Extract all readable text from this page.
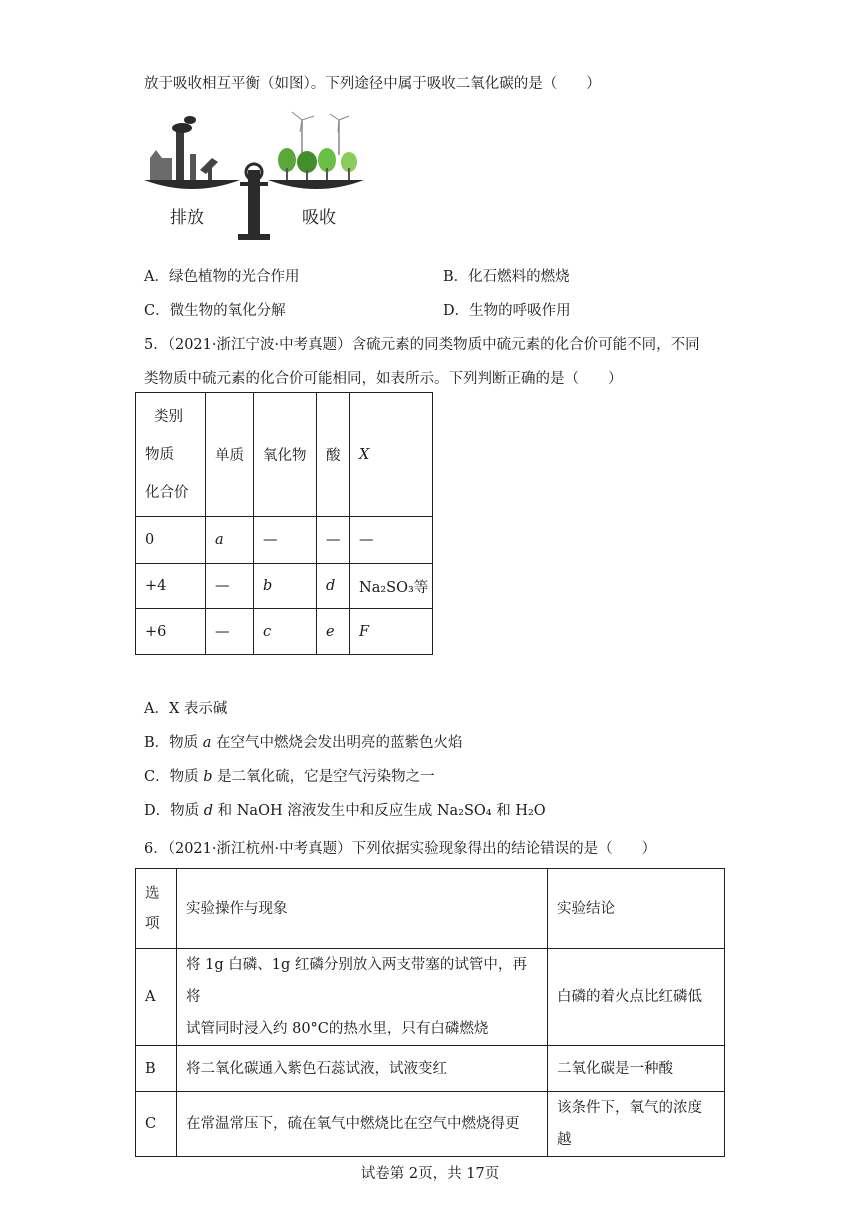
放于吸收相互平衡（如图）。下列途径中属于吸收二氧化碳的是（　　）
排放	吸收
A．绿色植物的光合作用	B．化石燃料的燃烧
C．微生物的氧化分解	D．生物的呼吸作用
5．（2021·浙江宁波·中考真题）含硫元素的同类物质中硫元素的化合价可能不同，不同
类物质中硫元素的化合价可能相同，如表所示。下列判断正确的是（　　）
类别
物质
化合价	单质	氧化物	酸	X
0	a	—	—	—
+4	—	b	d	Na₂SO₃等
+6	—	c	e	F
A．X 表示碱
B．物质 a 在空气中燃烧会发出明亮的蓝紫色火焰
C．物质 b 是二氧化硫，它是空气污染物之一
D．物质 d 和 NaOH 溶液发生中和反应生成 Na₂SO₄ 和 H₂O
6．（2021·浙江杭州·中考真题）下列依据实验现象得出的结论错误的是（　　）
选项	实验操作与现象	实验结论
A	将 1g 白磷、1g 红磷分别放入两支带塞的试管中，再将
试管同时浸入约 80°C的热水里，只有白磷燃烧	白磷的着火点比红磷低
B	将二氧化碳通入紫色石蕊试液，试液变红	二氧化碳是一种酸
C	在常温常压下，硫在氧气中燃烧比在空气中燃烧得更	该条件下，氧气的浓度越
试卷第 2页，共 17页
